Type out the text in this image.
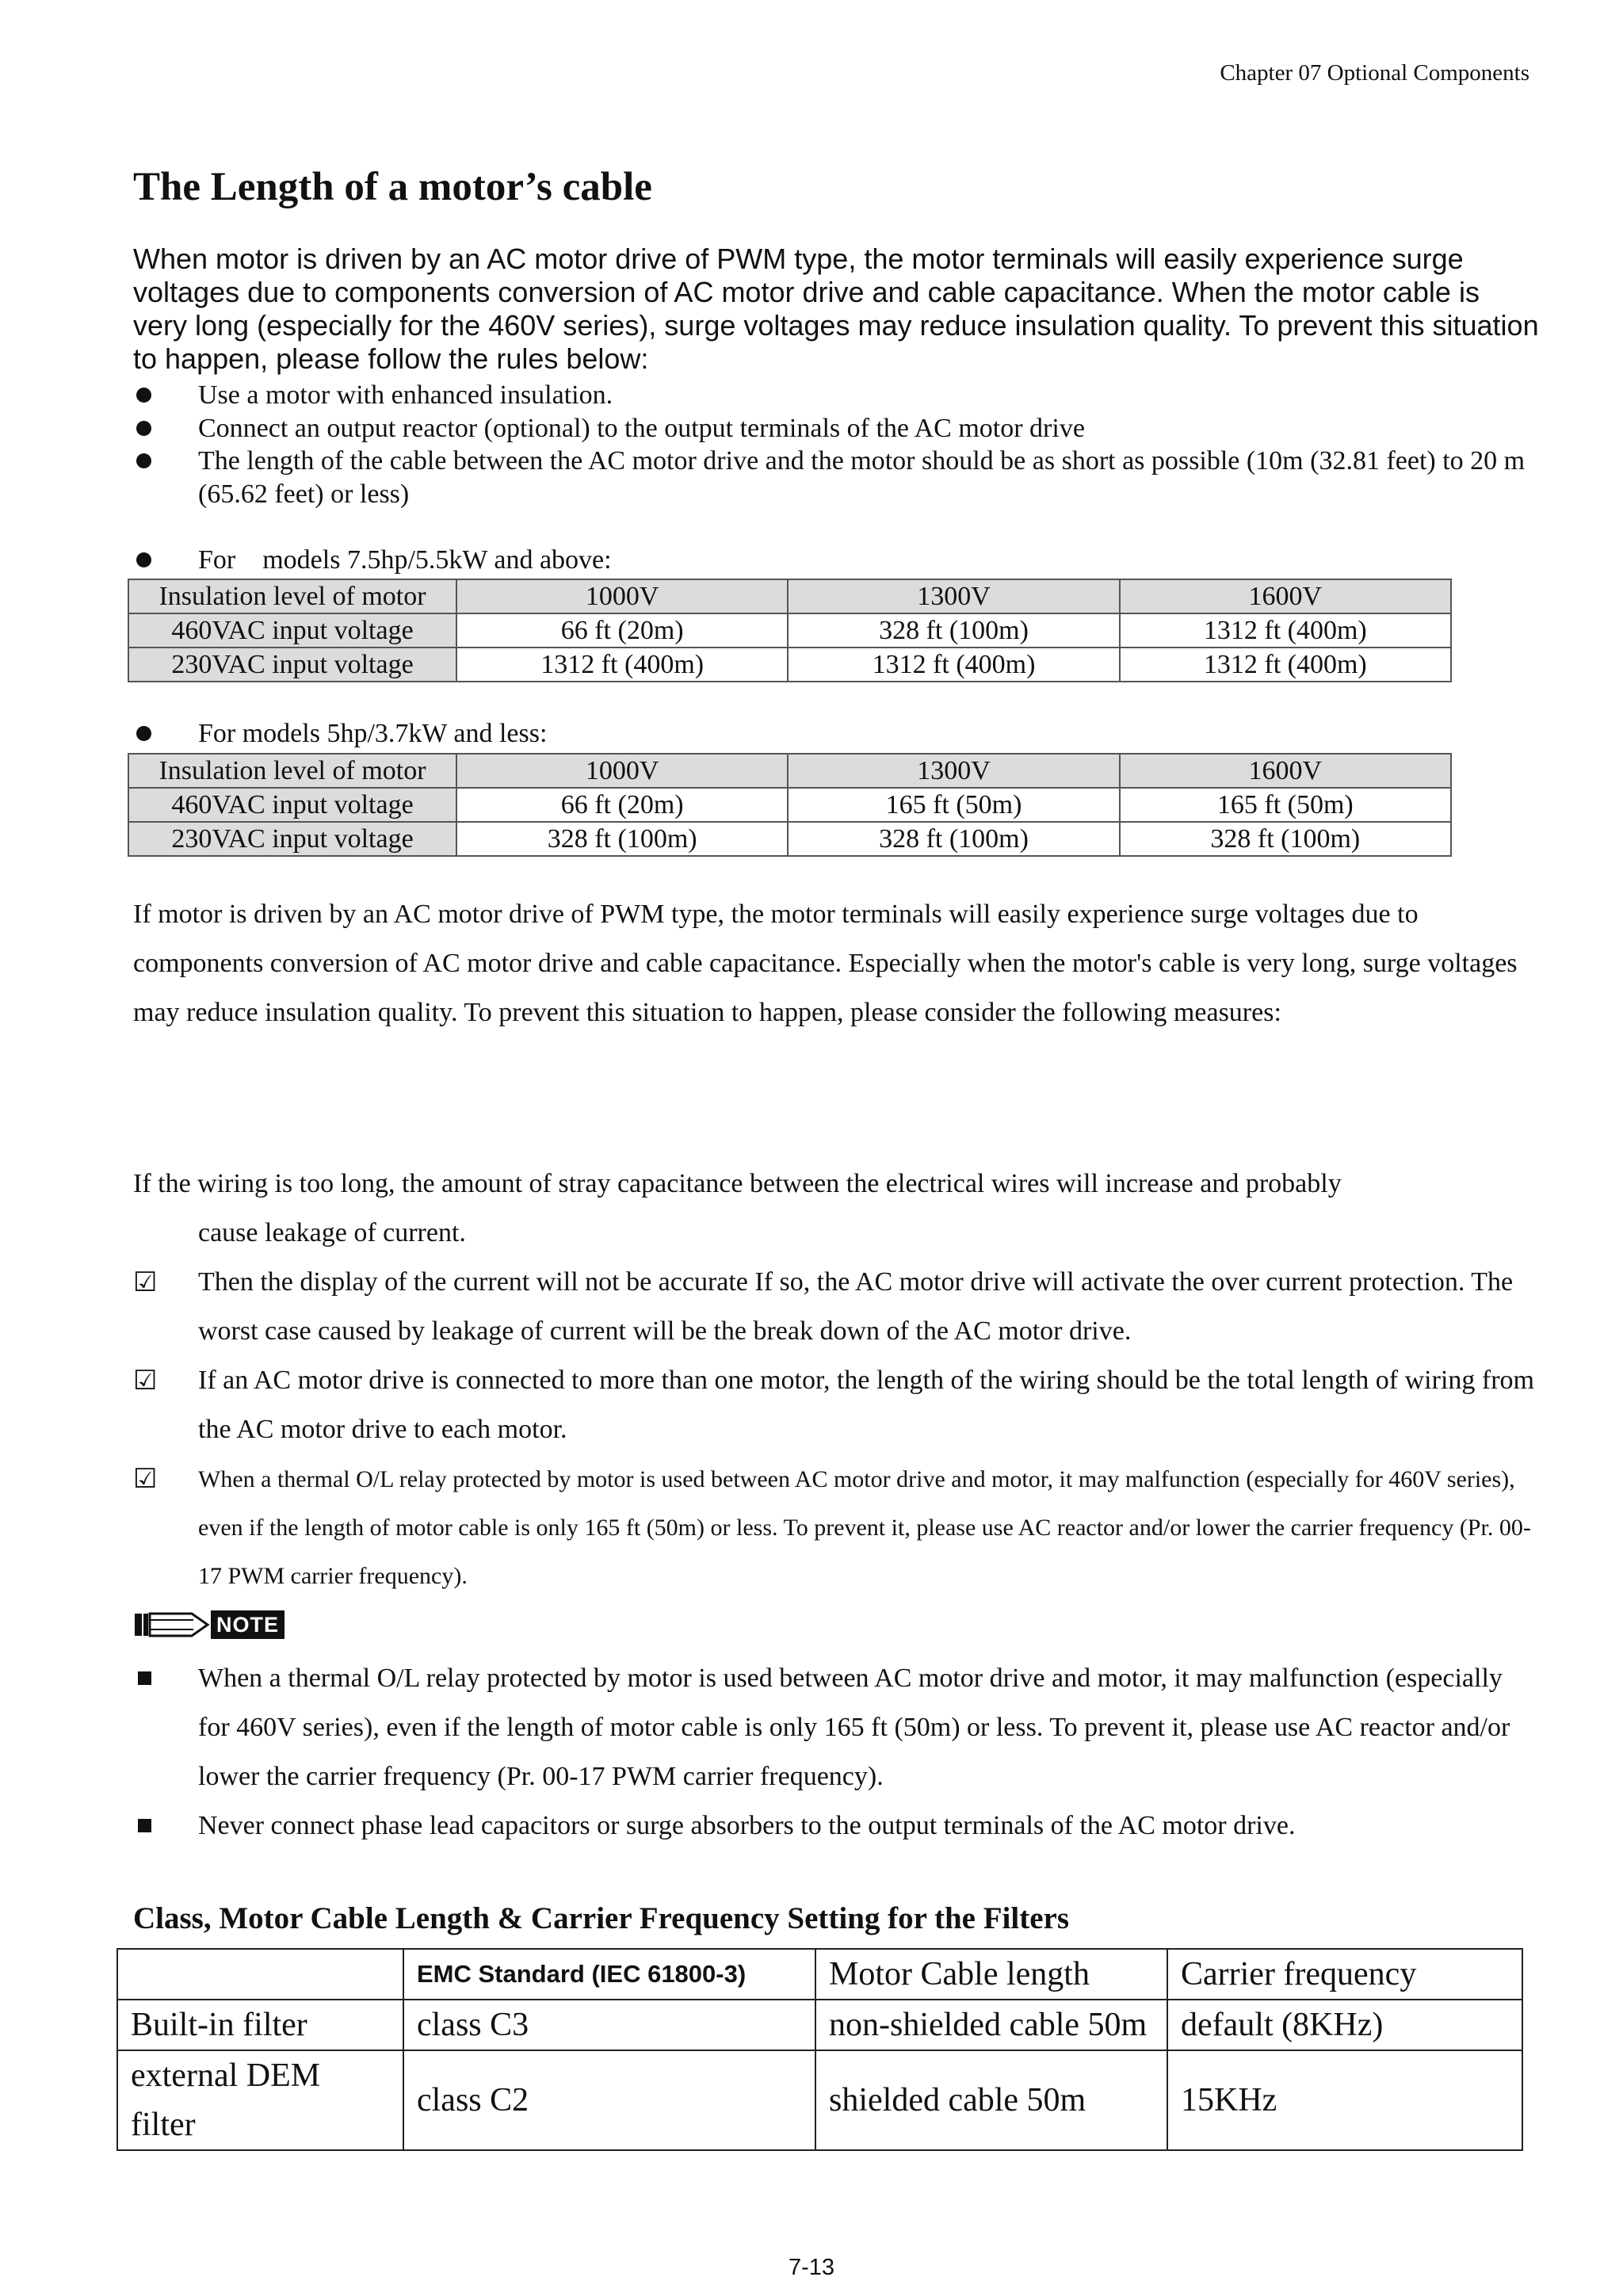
Chapter 07 Optional Components
The Length of a motor’s cable

When motor is driven by an AC motor drive of PWM type, the motor terminals will easily experience surge voltages due to components conversion of AC motor drive and cable capacitance. When the motor cable is very long (especially for the 460V series), surge voltages may reduce insulation quality. To prevent this situation to happen, please follow the rules below:

Use a motor with enhanced insulation.
Connect an output reactor (optional) to the output terminals of the AC motor drive
The length of the cable between the AC motor drive and the motor should be as short as possible (10m (32.81 feet) to 20 m (65.62 feet) or less)
For    models 7.5hp/5.5kW and above:
Insulation level of motor	1000V	1300V	1600V
460VAC input voltage	66 ft (20m)	328 ft (100m)	1312 ft (400m)
230VAC input voltage	1312 ft (400m)	1312 ft (400m)	1312 ft (400m)
For models 5hp/3.7kW and less:
Insulation level of motor	1000V	1300V	1600V
460VAC input voltage	66 ft (20m)	165 ft (50m)	165 ft (50m)
230VAC input voltage	328 ft (100m)	328 ft (100m)	328 ft (100m)

If motor is driven by an AC motor drive of PWM type, the motor terminals will easily experience surge voltages due to components conversion of AC motor drive and cable capacitance. Especially when the motor's cable is very long, surge voltages may reduce insulation quality. To prevent this situation to happen, please consider the following measures:

If the wiring is too long, the amount of stray capacitance between the electrical wires will increase and probably
cause leakage of current.
☑	Then the display of the current will not be accurate If so, the AC motor drive will activate the over current protection. The worst case caused by leakage of current will be the break down of the AC motor drive.
☑	If an AC motor drive is connected to more than one motor, the length of the wiring should be the total length of wiring from the AC motor drive to each motor.
☑	When a thermal O/L relay protected by motor is used between AC motor drive and motor, it may malfunction (especially for 460V series), even if the length of motor cable is only 165 ft (50m) or less. To prevent it, please use AC reactor and/or lower the carrier frequency (Pr. 00-17 PWM carrier frequency).
NOTE
When a thermal O/L relay protected by motor is used between AC motor drive and motor, it may malfunction (especially for 460V series), even if the length of motor cable is only 165 ft (50m) or less. To prevent it, please use AC reactor and/or lower the carrier frequency (Pr. 00-17 PWM carrier frequency).
Never connect phase lead capacitors or surge absorbers to the output terminals of the AC motor drive.
Class, Motor Cable Length & Carrier Frequency Setting for the Filters
	EMC Standard (IEC 61800-3)	Motor Cable length	Carrier frequency
Built-in filter	class C3	non-shielded cable 50m	default (8KHz)
external DEM filter	class C2	shielded cable 50m	15KHz
7-13
